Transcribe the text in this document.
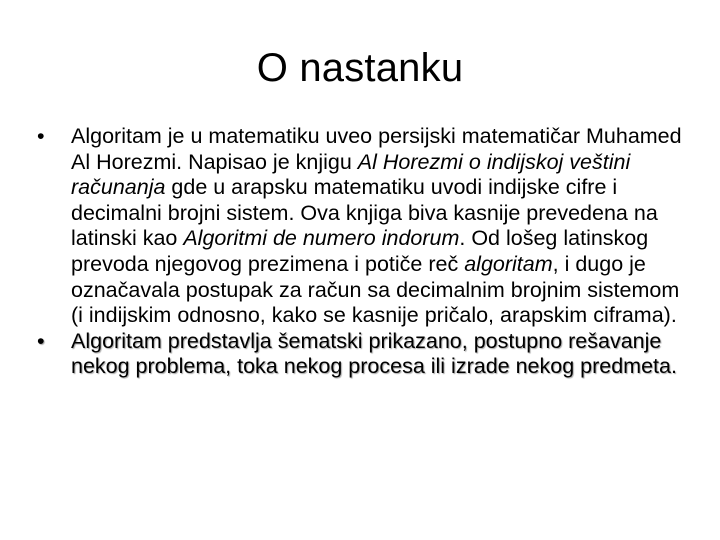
O nastanku

•	Algoritam je u matematiku uveo persijski matematičar Muhamed Al Horezmi. Napisao je knjigu Al Horezmi o indijskoj veštini računanja gde u arapsku matematiku uvodi indijske cifre i decimalni brojni sistem. Ova knjiga biva kasnije prevedena na latinski kao Algoritmi de numero indorum. Od lošeg latinskog prevoda njegovog prezimena i potiče reč algoritam, i dugo je označavala postupak za račun sa decimalnim brojnim sistemom (i indijskim odnosno, kako se kasnije pričalo, arapskim ciframa).

•	Algoritam predstavlja šematski prikazano, postupno rešavanje nekog problema, toka nekog procesa ili izrade nekog predmeta.
